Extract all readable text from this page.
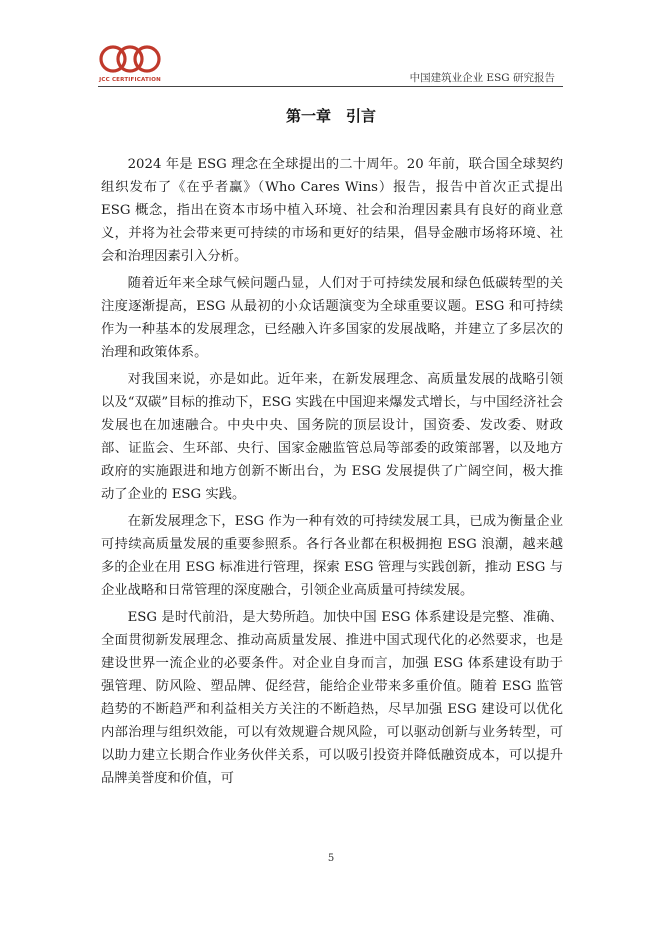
JCC CERTIFICATION	中国建筑业企业 ESG 研究报告
第一章　引言

2024 年是 ESG 理念在全球提出的二十周年。20 年前，联合国全球契约组织发布了《在乎者赢》（Who Cares Wins）报告，报告中首次正式提出 ESG 概念，指出在资本市场中植入环境、社会和治理因素具有良好的商业意义，并将为社会带来更可持续的市场和更好的结果，倡导金融市场将环境、社会和治理因素引入分析。

随着近年来全球气候问题凸显，人们对于可持续发展和绿色低碳转型的关注度逐渐提高，ESG 从最初的小众话题演变为全球重要议题。ESG 和可持续作为一种基本的发展理念，已经融入许多国家的发展战略，并建立了多层次的治理和政策体系。

对我国来说，亦是如此。近年来，在新发展理念、高质量发展的战略引领以及“双碳”目标的推动下，ESG 实践在中国迎来爆发式增长，与中国经济社会发展也在加速融合。中央中央、国务院的顶层设计，国资委、发改委、财政部、证监会、生环部、央行、国家金融监管总局等部委的政策部署，以及地方政府的实施跟进和地方创新不断出台，为 ESG 发展提供了广阔空间，极大推动了企业的 ESG 实践。

在新发展理念下，ESG 作为一种有效的可持续发展工具，已成为衡量企业可持续高质量发展的重要参照系。各行各业都在积极拥抱 ESG 浪潮，越来越多的企业在用 ESG 标准进行管理，探索 ESG 管理与实践创新，推动 ESG 与企业战略和日常管理的深度融合，引领企业高质量可持续发展。

ESG 是时代前沿，是大势所趋。加快中国 ESG 体系建设是完整、准确、全面贯彻新发展理念、推动高质量发展、推进中国式现代化的必然要求，也是建设世界一流企业的必要条件。对企业自身而言，加强 ESG 体系建设有助于强管理、防风险、塑品牌、促经营，能给企业带来多重价值。随着 ESG 监管趋势的不断趋严和利益相关方关注的不断趋热，尽早加强 ESG 建设可以优化内部治理与组织效能，可以有效规避合规风险，可以驱动创新与业务转型，可以助力建立长期合作业务伙伴关系，可以吸引投资并降低融资成本，可以提升品牌美誉度和价值，可

5
